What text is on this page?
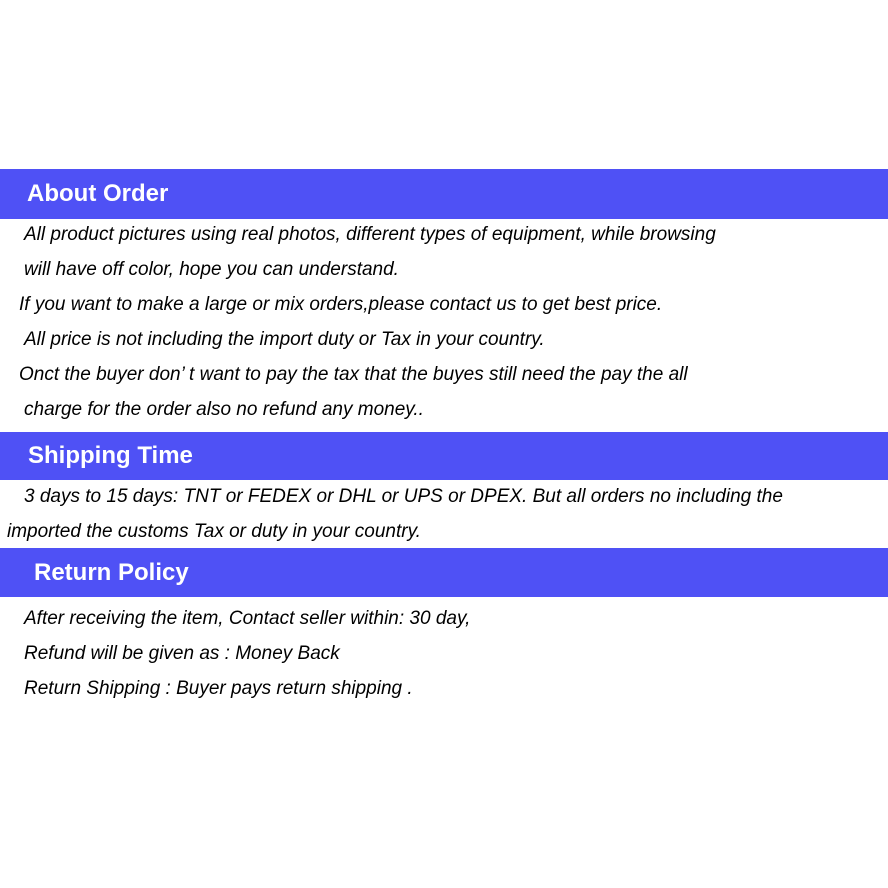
About Order
All product pictures using real photos, different types of equipment, while browsing
will have off color, hope you can understand.
If you want to make a large or mix orders,please contact us to get best price.
All price is not including the import duty or Tax in your country.
Onct the buyer don’ t want to pay the tax that the buyes still need the pay the all
charge for the order also no refund any money..
Shipping Time
3 days to 15 days: TNT or FEDEX or DHL or UPS or DPEX. But all orders no including the
imported the customs Tax or duty in your country.
Return Policy
After receiving the item, Contact seller within: 30 day,
Refund will be given as : Money Back
Return Shipping : Buyer pays return shipping .
